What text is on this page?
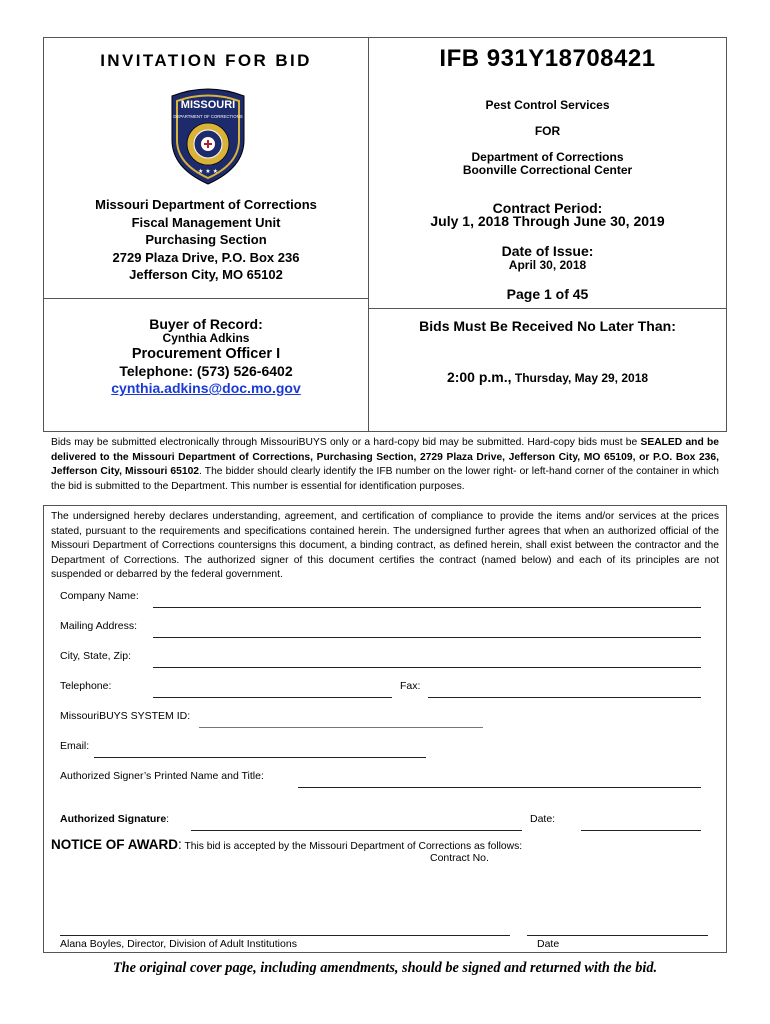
INVITATION FOR BID
MISSOURI
DEPARTMENT OF CORRECTIONS
★ ★ ★
Missouri Department of Corrections
Fiscal Management Unit
Purchasing Section
2729 Plaza Drive, P.O. Box 236
Jefferson City, MO 65102
IFB 931Y18708421
Pest Control Services
FOR
Department of Corrections
Boonville Correctional Center
Contract Period:
July 1, 2018 Through June 30, 2019
Date of Issue:
April 30, 2018
Page 1 of 45
Buyer of Record:
Cynthia Adkins
Procurement Officer I
Telephone: (573) 526-6402
cynthia.adkins@doc.mo.gov
Bids Must Be Received No Later Than:
2:00 p.m., Thursday, May 29, 2018
Bids may be submitted electronically through MissouriBUYS only or a hard-copy bid may be submitted. Hard-copy bids must be SEALED and be delivered to the Missouri Department of Corrections, Purchasing Section, 2729 Plaza Drive, Jefferson City, MO 65109, or P.O. Box 236, Jefferson City, Missouri 65102. The bidder should clearly identify the IFB number on the lower right- or left-hand corner of the container in which the bid is submitted to the Department. This number is essential for identification purposes.
The undersigned hereby declares understanding, agreement, and certification of compliance to provide the items and/or services at the prices stated, pursuant to the requirements and specifications contained herein. The undersigned further agrees that when an authorized official of the Missouri Department of Corrections countersigns this document, a binding contract, as defined herein, shall exist between the contractor and the Department of Corrections. The authorized signer of this document certifies the contract (named below) and each of its principles are not suspended or debarred by the federal government.
Company Name:
Mailing Address:
City, State, Zip:
Telephone:	Fax:
MissouriBUYS SYSTEM ID:
Email:
Authorized Signer’s Printed Name and Title:
Authorized Signature:	Date:
NOTICE OF AWARD: This bid is accepted by the Missouri Department of Corrections as follows:
Contract No.
Alana Boyles, Director, Division of Adult Institutions	Date
The original cover page, including amendments, should be signed and returned with the bid.
